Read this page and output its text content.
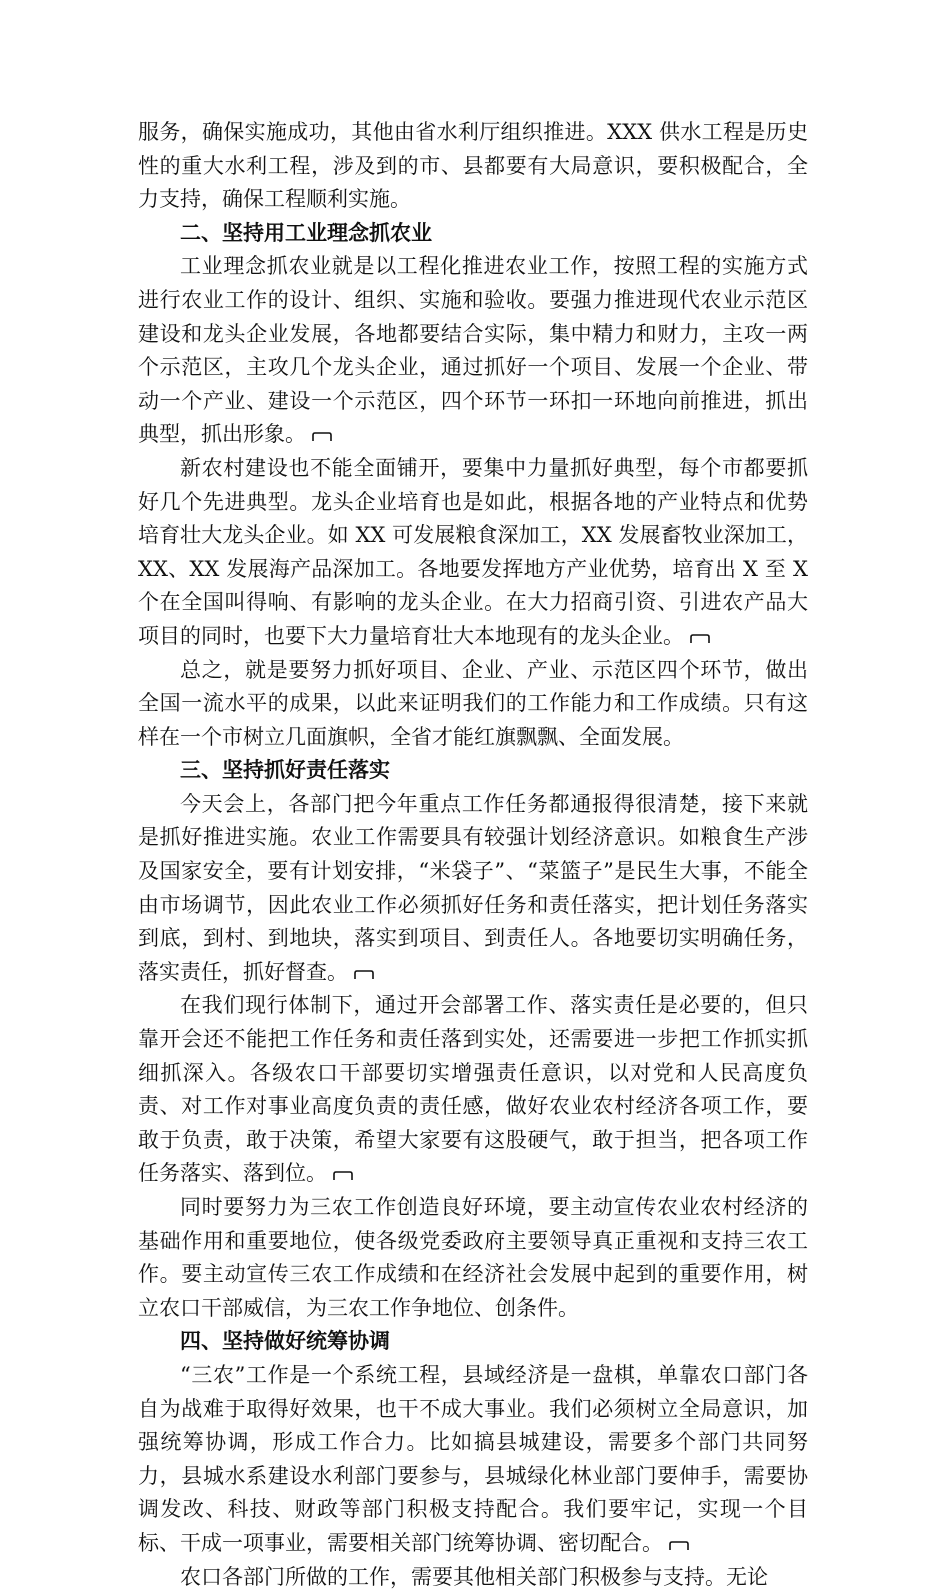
服务，确保实施成功，其他由省水利厅组织推进。XXX 供水工程是历史性的重大水利工程，涉及到的市、县都要有大局意识，要积极配合，全力支持，确保工程顺利实施。

二、坚持用工业理念抓农业

工业理念抓农业就是以工程化推进农业工作，按照工程的实施方式进行农业工作的设计、组织、实施和验收。要强力推进现代农业示范区建设和龙头企业发展，各地都要结合实际，集中精力和财力，主攻一两个示范区，主攻几个龙头企业，通过抓好一个项目、发展一个企业、带动一个产业、建设一个示范区，四个环节一环扣一环地向前推进，抓出典型，抓出形象。

新农村建设也不能全面铺开，要集中力量抓好典型，每个市都要抓好几个先进典型。龙头企业培育也是如此，根据各地的产业特点和优势培育壮大龙头企业。如 XX 可发展粮食深加工，XX 发展畜牧业深加工，XX、XX 发展海产品深加工。各地要发挥地方产业优势，培育出 X 至 X 个在全国叫得响、有影响的龙头企业。在大力招商引资、引进农产品大项目的同时，也要下大力量培育壮大本地现有的龙头企业。

总之，就是要努力抓好项目、企业、产业、示范区四个环节，做出全国一流水平的成果，以此来证明我们的工作能力和工作成绩。只有这样在一个市树立几面旗帜，全省才能红旗飘飘、全面发展。

三、坚持抓好责任落实

今天会上，各部门把今年重点工作任务都通报得很清楚，接下来就是抓好推进实施。农业工作需要具有较强计划经济意识。如粮食生产涉及国家安全，要有计划安排，“米袋子”、“菜篮子”是民生大事，不能全由市场调节，因此农业工作必须抓好任务和责任落实，把计划任务落实到底，到村、到地块，落实到项目、到责任人。各地要切实明确任务，落实责任，抓好督查。

在我们现行体制下，通过开会部署工作、落实责任是必要的，但只靠开会还不能把工作任务和责任落到实处，还需要进一步把工作抓实抓细抓深入。各级农口干部要切实增强责任意识，以对党和人民高度负责、对工作对事业高度负责的责任感，做好农业农村经济各项工作，要敢于负责，敢于决策，希望大家要有这股硬气，敢于担当，把各项工作任务落实、落到位。

同时要努力为三农工作创造良好环境，要主动宣传农业农村经济的基础作用和重要地位，使各级党委政府主要领导真正重视和支持三农工作。要主动宣传三农工作成绩和在经济社会发展中起到的重要作用，树立农口干部威信，为三农工作争地位、创条件。

四、坚持做好统筹协调

“三农”工作是一个系统工程，县域经济是一盘棋，单靠农口部门各自为战难于取得好效果，也干不成大事业。我们必须树立全局意识，加强统筹协调，形成工作合力。比如搞县城建设，需要多个部门共同努力，县城水系建设水利部门要参与，县城绿化林业部门要伸手，需要协调发改、科技、财政等部门积极支持配合。我们要牢记，实现一个目标、干成一项事业，需要相关部门统筹协调、密切配合。

农口各部门所做的工作，需要其他相关部门积极参与支持。无论
